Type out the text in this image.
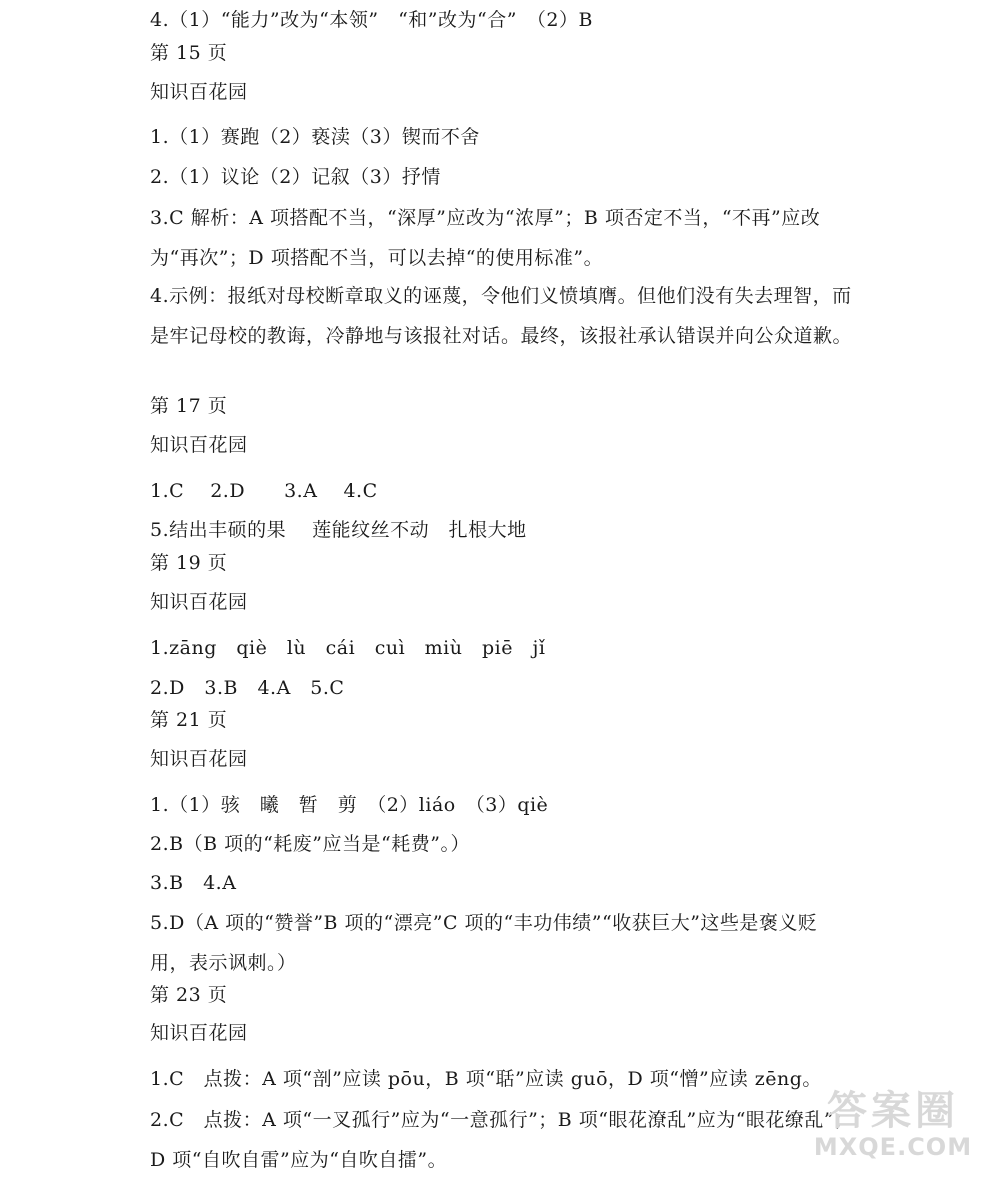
4.（1）“能力”改为“本领”　“和”改为“合”　（2）B
第 15 页
知识百花园
1.（1）赛跑（2）亵渎（3）锲而不舍
2.（1）议论（2）记叙（3）抒情
3.C 解析：A 项搭配不当，“深厚”应改为“浓厚”；B 项否定不当，“不再”应改为“再次”；D 项搭配不当，可以去掉“的使用标准”。
4.示例：报纸对母校断章取义的诬蔑，令他们义愤填膺。但他们没有失去理智，而是牢记母校的教诲，冷静地与该报社对话。最终，该报社承认错误并向公众道歉。
第 17 页
知识百花园
1.C　 2.D　　3.A　 4.C
5.结出丰硕的果　 莲能纹丝不动　扎根大地
第 19 页
知识百花园
1.zāng　qiè　lù　cái　cuì　miù　piē　jǐ
2.D　3.B　4.A　5.C
第 21 页
知识百花园
1.（1）骇　曦　暂　剪　（2）liáo　（3）qiè
2.B（B 项的“耗废”应当是“耗费”。）
3.B　4.A
5.D（A 项的“赞誉”B 项的“漂亮”C 项的“丰功伟绩”“收获巨大”这些是褒义贬用，表示讽刺。）
第 23 页
知识百花园
1.C　点拨：A 项“剖”应读 pōu，B 项“聒”应读 guō，D 项“憎”应读 zēng。
2.C　点拨：A 项“一叉孤行”应为“一意孤行”；B 项“眼花潦乱”应为“眼花缭乱”；D 项“自吹自雷”应为“自吹自擂”。
答案圈
MXQE.COM
